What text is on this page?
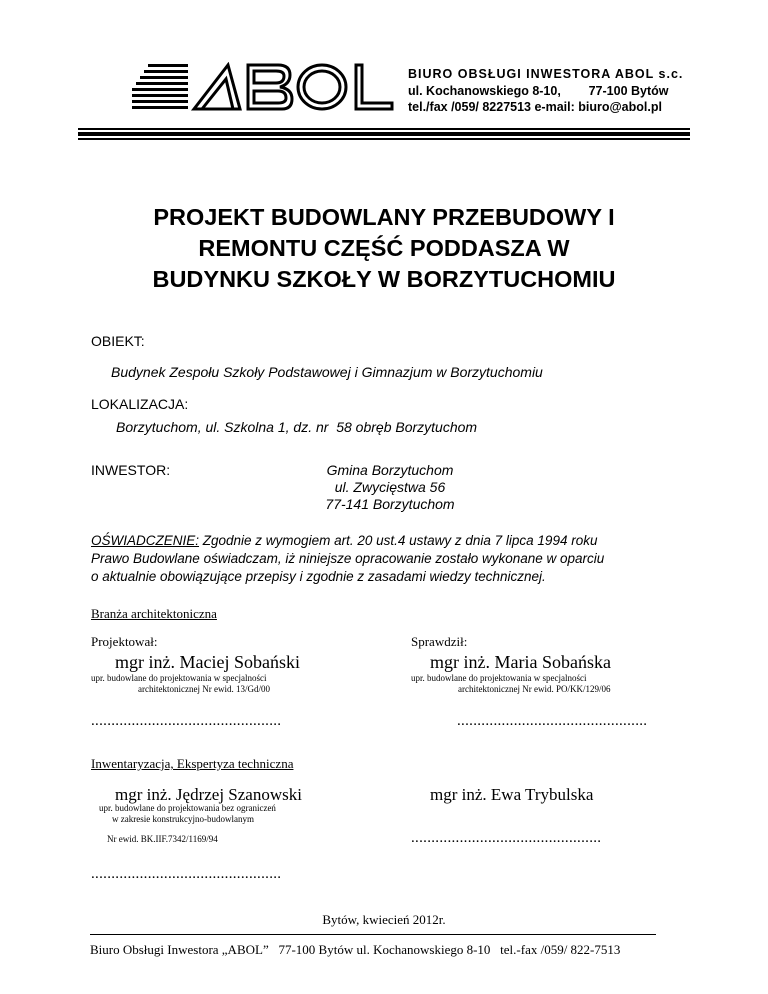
BIURO OBSŁUGI INWESTORA ABOL s.c.
ul. Kochanowskiego 8-10,        77-100 Bytów
tel./fax /059/ 8227513 e-mail: biuro@abol.pl
PROJEKT BUDOWLANY PRZEBUDOWY I
REMONTU CZĘŚĆ PODDASZA W
BUDYNKU SZKOŁY W BORZYTUCHOMIU
OBIEKT:
Budynek Zespołu Szkoły Podstawowej i Gimnazjum w Borzytuchomiu
LOKALIZACJA:
Borzytuchom, ul. Szkolna 1, dz. nr  58 obręb Borzytuchom
INWESTOR:	Gmina Borzytuchom
ul. Zwycięstwa 56
77-141 Borzytuchom
OŚWIADCZENIE: Zgodnie z wymogiem art. 20 ust.4 ustawy z dnia 7 lipca 1994 roku
Prawo Budowlane oświadczam, iż niniejsze opracowanie zostało wykonane w oparciu
o aktualnie obowiązujące przepisy i zgodnie z zasadami wiedzy technicznej.
Branża architektoniczna
Projektował:
mgr inż. Maciej Sobański
upr. budowlane do projektowania w specjalności
architektonicznej Nr ewid. 13/Gd/00
Sprawdził:
mgr inż. Maria Sobańska
upr. budowlane do projektowania w specjalności
architektonicznej Nr ewid. PO/KK/129/06
...............................................	...............................................
Inwentaryzacja, Ekspertyza techniczna
mgr inż. Jędrzej Szanowski
upr. budowlane do projektowania bez ograniczeń
w zakresie konstrukcyjno-budowlanym
Nr ewid. BK.IIF.7342/1169/94
mgr inż. Ewa Trybulska
...............................................
...............................................
Bytów, kwiecień 2012r.
Biuro Obsługi Inwestora „ABOL”   77-100 Bytów ul. Kochanowskiego 8-10   tel.-fax /059/ 822-7513
